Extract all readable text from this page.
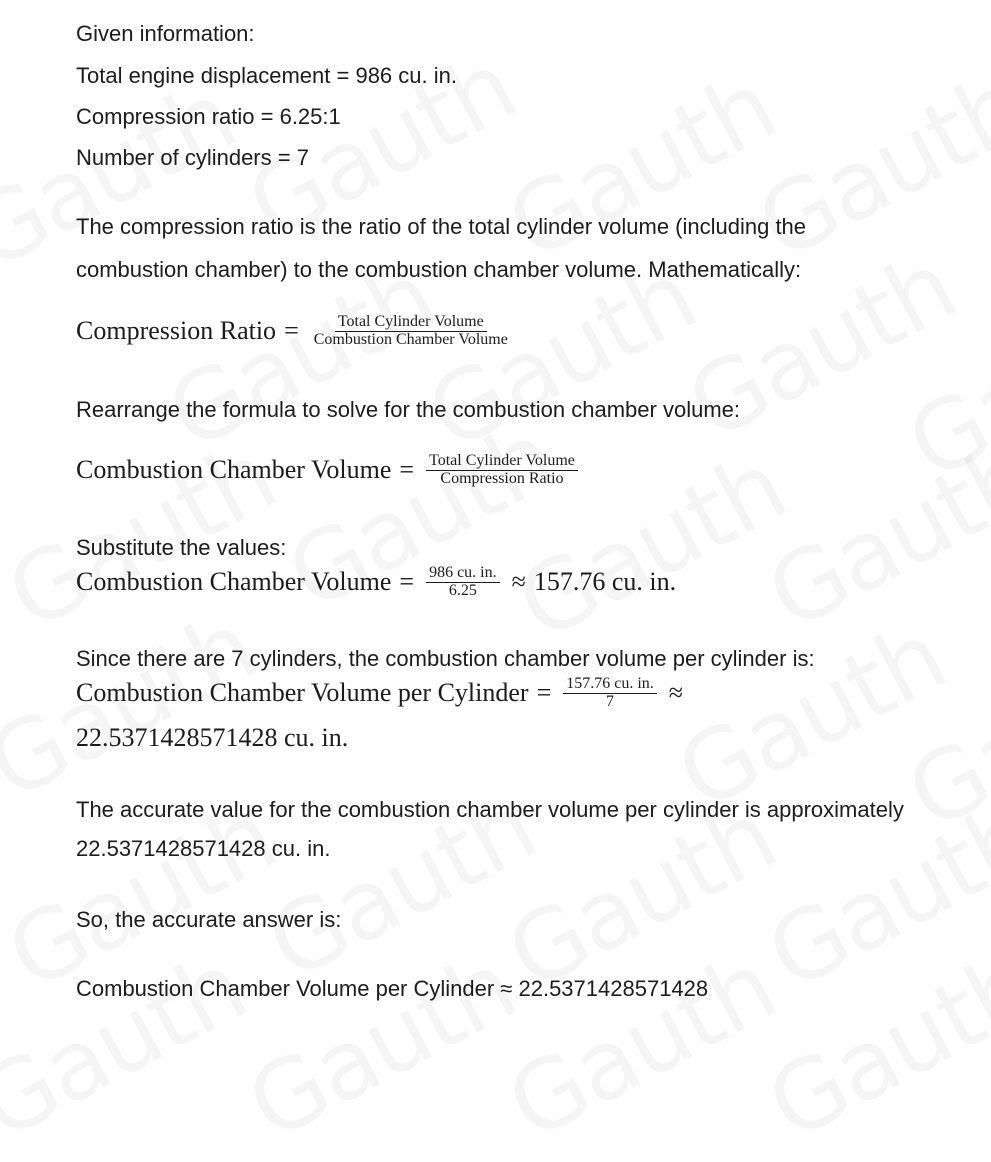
Given information:
Total engine displacement = 986 cu. in.
Compression ratio = 6.25:1
Number of cylinders = 7
The compression ratio is the ratio of the total cylinder volume (including the
combustion chamber) to the combustion chamber volume. Mathematically:
Compression Ratio = $\frac{\text{Total Cylinder Volume}}{\text{Combustion Chamber Volume}}$
Rearrange the formula to solve for the combustion chamber volume:
Combustion Chamber Volume = $\frac{\text{Total Cylinder Volume}}{\text{Compression Ratio}}$
Substitute the values:
Combustion Chamber Volume = $\frac{986 cu. in.}{6.25} \approx 157.76$ cu. in.
Since there are 7 cylinders, the combustion chamber volume per cylinder is:
Combustion Chamber Volume per Cylinder = $\frac{157.76 cu. in.}{7}$ ≈
22.5371428571428 cu. in.
The accurate value for the combustion chamber volume per cylinder is approximately
22.5371428571428 cu. in.
So, the accurate answer is:
Combustion Chamber Volume per Cylinder ≈ 22.5371428571428
